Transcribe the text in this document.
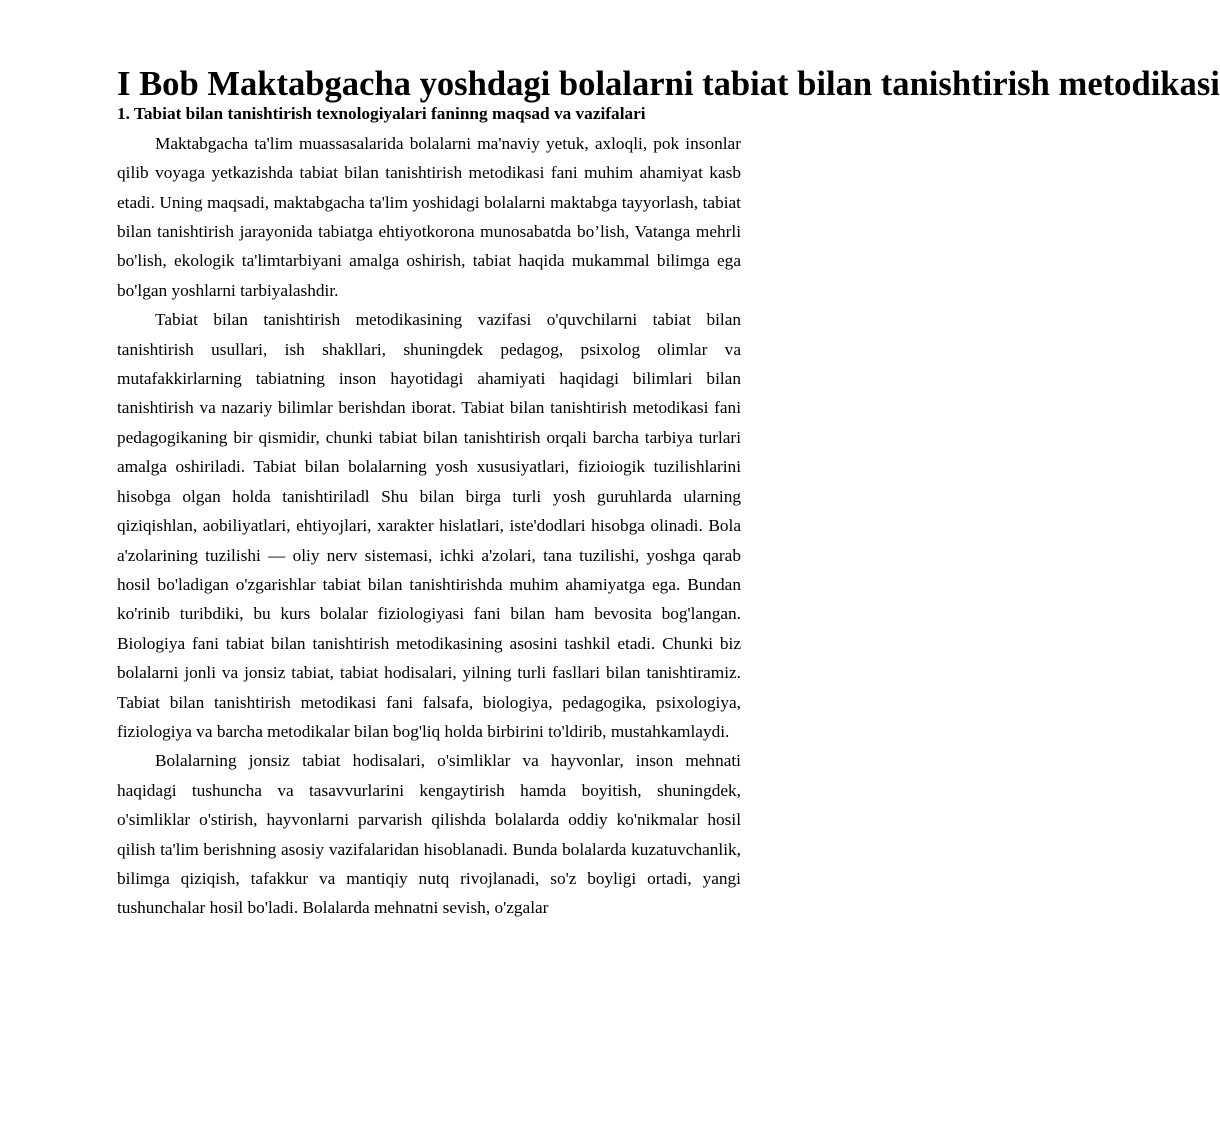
I Bob Maktabgacha yoshdagi bolalarni tabiat bilan tanishtirish metodikasi
1. Tabiat bilan tanishtirish texnologiyalari faninng maqsad va vazifalari

Maktabgacha ta'lim muassasalarida bolalarni ma'naviy yetuk, axloqli, pok insonlar qilib voyaga yetkazishda tabiat bilan tanishtirish metodikasi fani muhim ahamiyat kasb etadi. Uning maqsadi, maktabgacha ta'lim yoshidagi bolalarni maktabga tayyorlash, tabiat bilan tanishtirish jarayonida tabiatga ehtiyotkorona munosabatda bo’lish, Vatanga mehrli bo'lish, ekologik ta'limtarbiyani amalga oshirish, tabiat haqida mukammal bilimga ega bo'lgan yoshlarni tarbiyalashdir.

Tabiat bilan tanishtirish metodikasining vazifasi o'quvchilarni tabiat bilan tanishtirish usullari, ish shakllari, shuningdek pedagog, psixolog olimlar va mutafakkirlarning tabiatning inson hayotidagi ahamiyati haqidagi bilimlari bilan tanishtirish va nazariy bilimlar berishdan iborat. Tabiat bilan tanishtirish metodikasi fani pedagogikaning bir qismidir, chunki tabiat bilan tanishtirish orqali barcha tarbiya turlari amalga oshiriladi. Tabiat bilan bolalarning yosh xususiyatlari, fizioiogik tuzilishlarini hisobga olgan holda tanishtiriladl Shu bilan birga turli yosh guruhlarda ularning qiziqishlan, aobiliyatlari, ehtiyojlari, xarakter hislatlari, iste'dodlari hisobga olinadi. Bola a'zolarining tuzilishi — oliy nerv sistemasi, ichki a'zolari, tana tuzilishi, yoshga qarab hosil bo'ladigan o'zgarishlar tabiat bilan tanishtirishda muhim ahamiyatga ega. Bundan ko'rinib turibdiki, bu kurs bolalar fiziologiyasi fani bilan ham bevosita bog'langan. Biologiya fani tabiat bilan tanishtirish metodikasining asosini tashkil etadi. Chunki biz bolalarni jonli va jonsiz tabiat, tabiat hodisalari, yilning turli fasllari bilan tanishtiramiz. Tabiat bilan tanishtirish metodikasi fani falsafa, biologiya, pedagogika, psixologiya, fiziologiya va barcha metodikalar bilan bog'liq holda birbirini to'ldirib, mustahkamlaydi.

Bolalarning jonsiz tabiat hodisalari, o'simliklar va hayvonlar, inson mehnati haqidagi tushuncha va tasavvurlarini kengaytirish hamda boyitish, shuningdek, o'simliklar o'stirish, hayvonlarni parvarish qilishda bolalarda oddiy ko'nikmalar hosil qilish ta'lim berishning asosiy vazifalaridan hisoblanadi. Bunda bolalarda kuzatuvchanlik, bilimga qiziqish, tafakkur va mantiqiy nutq rivojlanadi, so'z boyligi ortadi, yangi tushunchalar hosil bo'ladi. Bolalarda mehnatni sevish, o'zgalar
